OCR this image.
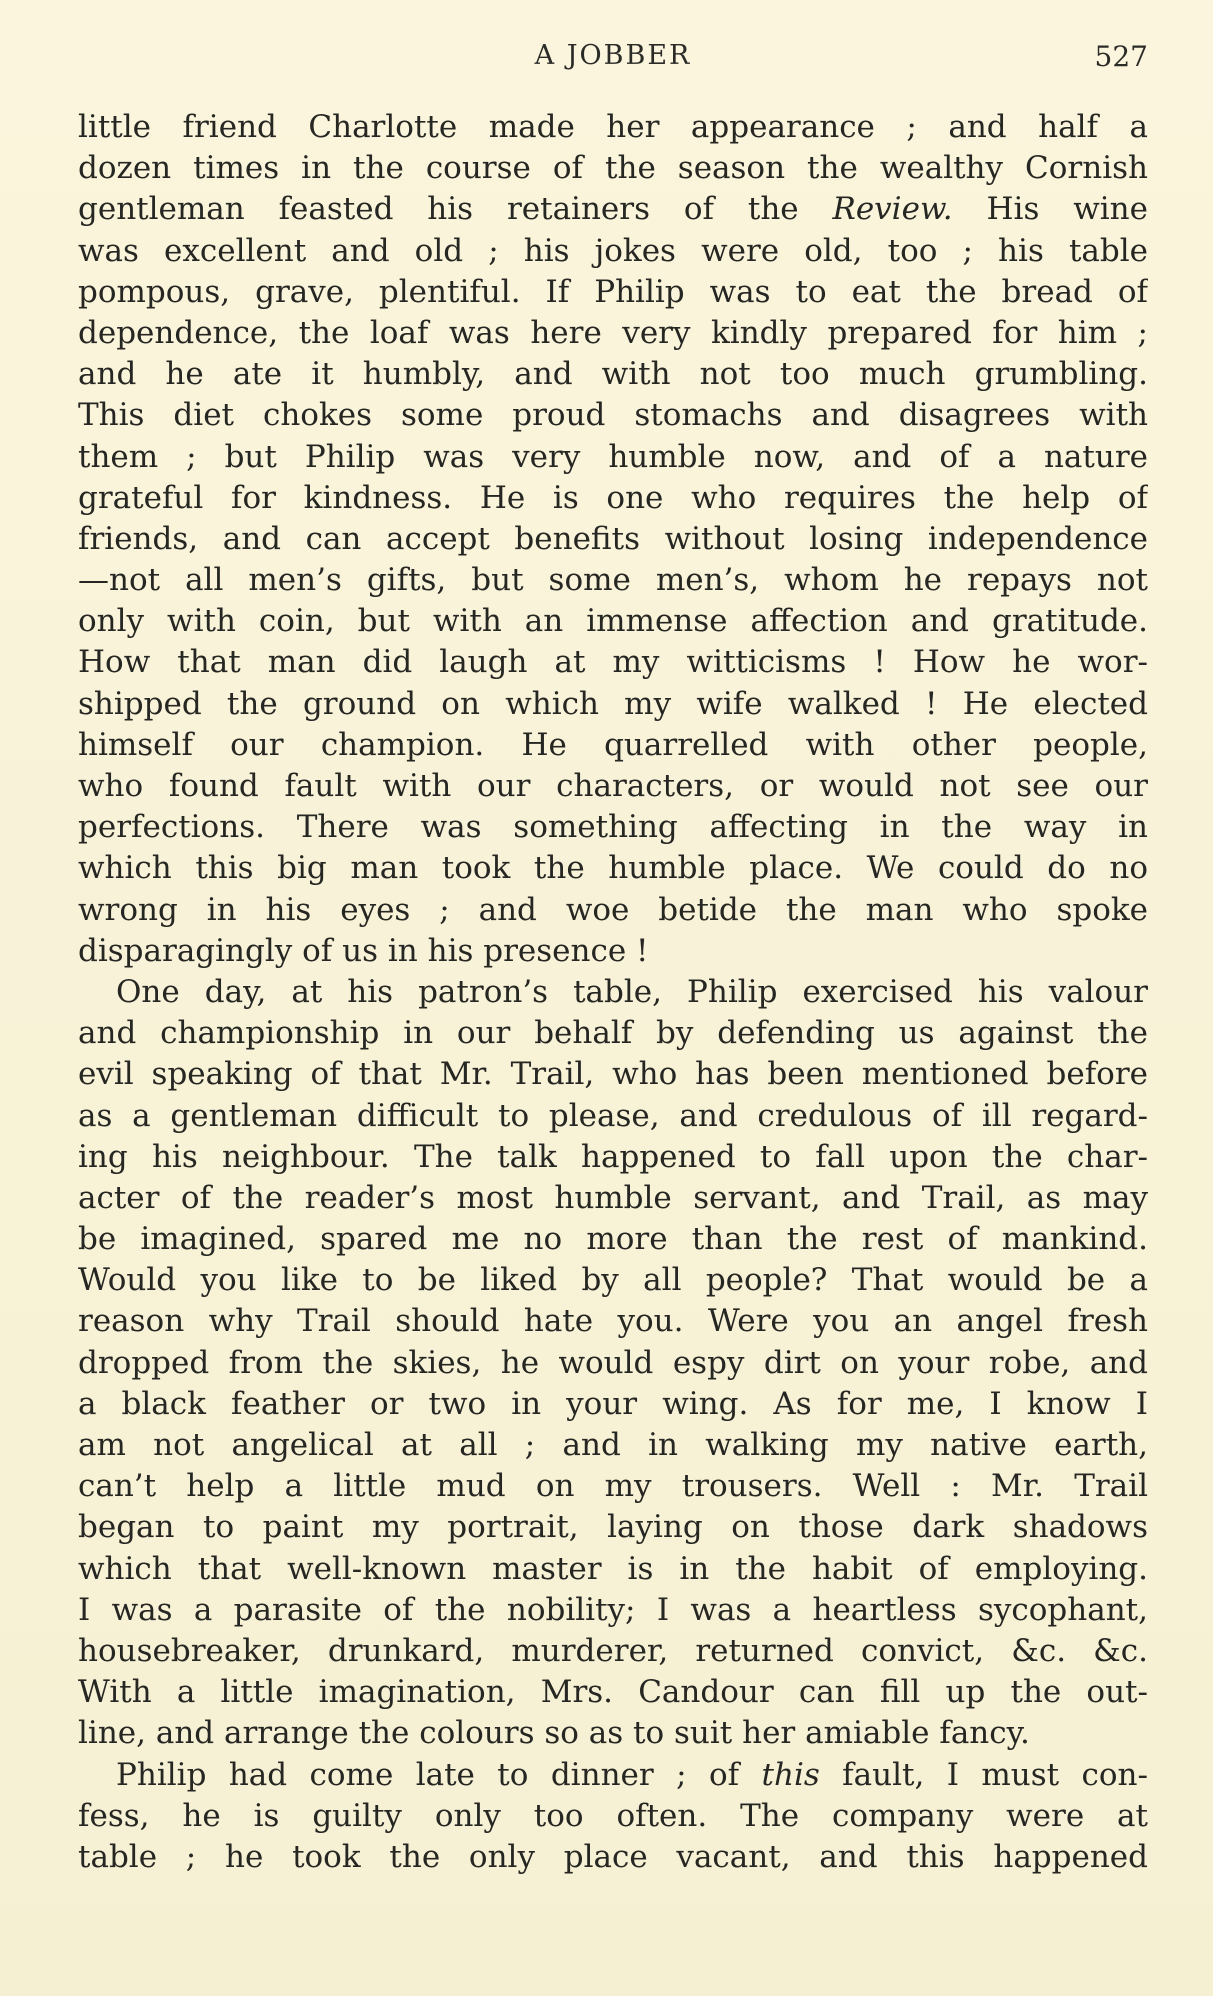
A JOBBER	527
little friend Charlotte made her appearance ; and half a
dozen times in the course of the season the wealthy Cornish
gentleman feasted his retainers of the Review. His wine
was excellent and old ; his jokes were old, too ; his table
pompous, grave, plentiful. If Philip was to eat the bread of
dependence, the loaf was here very kindly prepared for him ;
and he ate it humbly, and with not too much grumbling.
This diet chokes some proud stomachs and disagrees with
them ; but Philip was very humble now, and of a nature
grateful for kindness. He is one who requires the help of
friends, and can accept benefits without losing independence
—not all men’s gifts, but some men’s, whom he repays not
only with coin, but with an immense affection and gratitude.
How that man did laugh at my witticisms ! How he wor-
shipped the ground on which my wife walked ! He elected
himself our champion. He quarrelled with other people,
who found fault with our characters, or would not see our
perfections. There was something affecting in the way in
which this big man took the humble place. We could do no
wrong in his eyes ; and woe betide the man who spoke
disparagingly of us in his presence !
One day, at his patron’s table, Philip exercised his valour
and championship in our behalf by defending us against the
evil speaking of that Mr. Trail, who has been mentioned before
as a gentleman difficult to please, and credulous of ill regard-
ing his neighbour. The talk happened to fall upon the char-
acter of the reader’s most humble servant, and Trail, as may
be imagined, spared me no more than the rest of mankind.
Would you like to be liked by all people? That would be a
reason why Trail should hate you. Were you an angel fresh
dropped from the skies, he would espy dirt on your robe, and
a black feather or two in your wing. As for me, I know I
am not angelical at all ; and in walking my native earth,
can’t help a little mud on my trousers. Well : Mr. Trail
began to paint my portrait, laying on those dark shadows
which that well-known master is in the habit of employing.
I was a parasite of the nobility; I was a heartless sycophant,
housebreaker, drunkard, murderer, returned convict, &c. &c.
With a little imagination, Mrs. Candour can fill up the out-
line, and arrange the colours so as to suit her amiable fancy.
Philip had come late to dinner ; of this fault, I must con-
fess, he is guilty only too often. The company were at
table ; he took the only place vacant, and this happened
